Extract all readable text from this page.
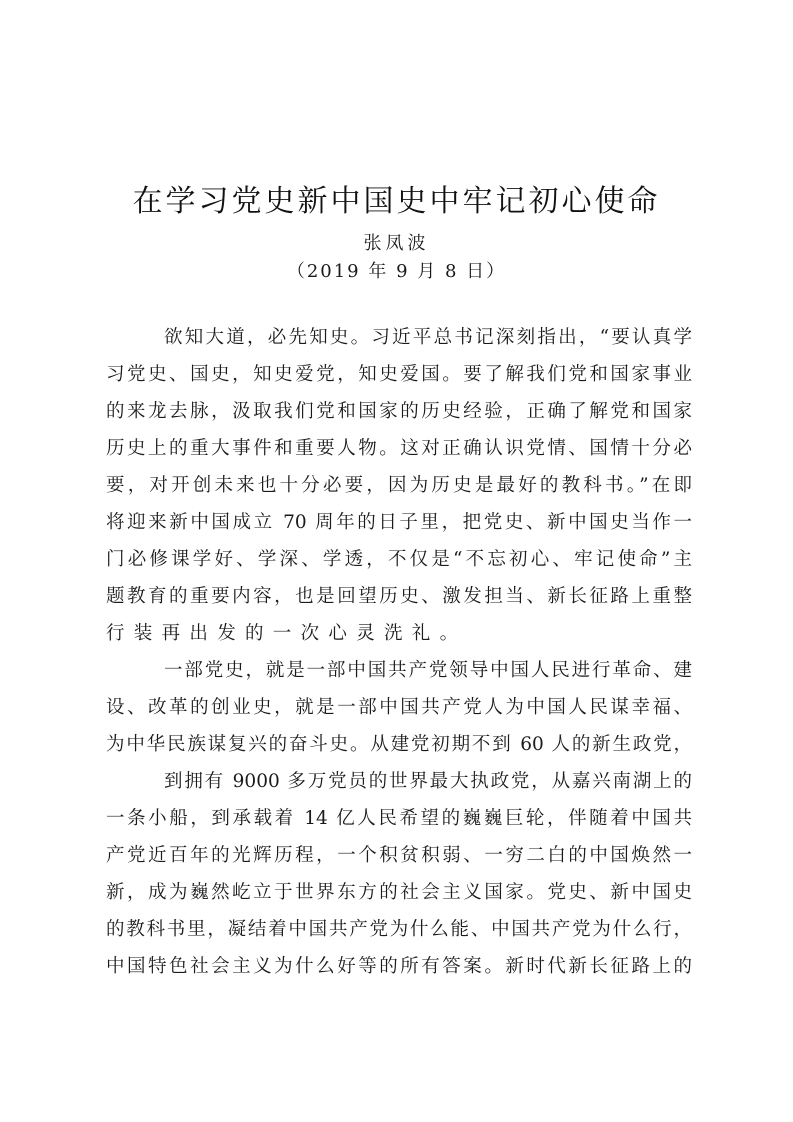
在学习党史新中国史中牢记初心使命

张凤波

（2019 年 9 月 8 日）

欲知大道，必先知史。习近平总书记深刻指出，“要认真学
习党史、国史，知史爱党，知史爱国。要了解我们党和国家事业
的来龙去脉，汲取我们党和国家的历史经验，正确了解党和国家
历史上的重大事件和重要人物。这对正确认识党情、国情十分必
要，对开创未来也十分必要，因为历史是最好的教科书。”在即
将迎来新中国成立 70 周年的日子里，把党史、新中国史当作一
门必修课学好、学深、学透，不仅是“不忘初心、牢记使命”主
题教育的重要内容，也是回望历史、激发担当、新长征路上重整
行装再出发的一次心灵洗礼。
一部党史，就是一部中国共产党领导中国人民进行革命、建
设、改革的创业史，就是一部中国共产党人为中国人民谋幸福、
为中华民族谋复兴的奋斗史。从建党初期不到 60 人的新生政党，
到拥有 9000 多万党员的世界最大执政党，从嘉兴南湖上的
一条小船，到承载着 14 亿人民希望的巍巍巨轮，伴随着中国共
产党近百年的光辉历程，一个积贫积弱、一穷二白的中国焕然一
新，成为巍然屹立于世界东方的社会主义国家。党史、新中国史
的教科书里，凝结着中国共产党为什么能、中国共产党为什么行，
中国特色社会主义为什么好等的所有答案。新时代新长征路上的
